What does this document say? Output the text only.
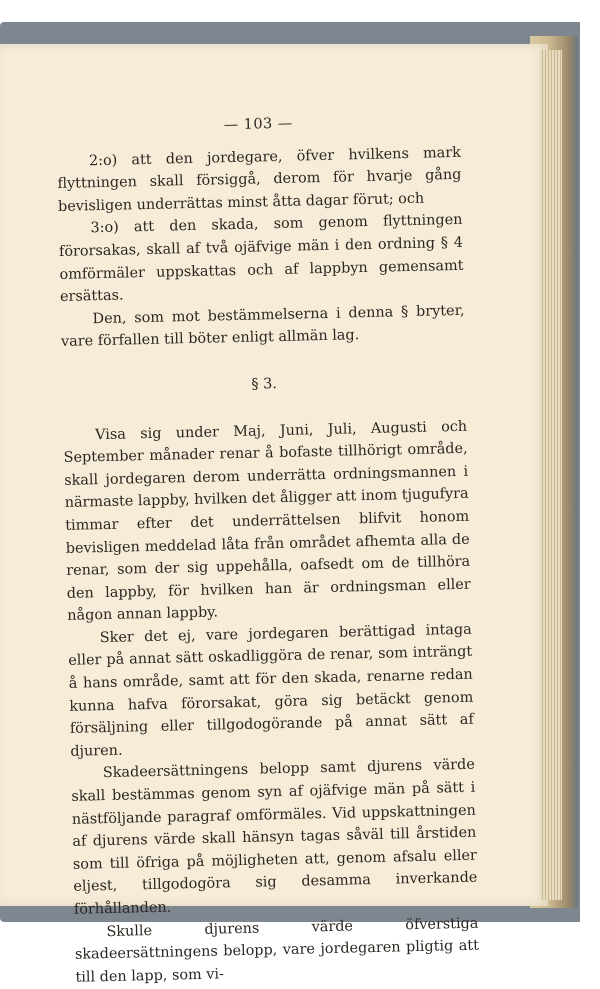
— 103 —

2:o) att den jordegare, öfver hvilkens mark flyttningen skall försiggå, derom för hvarje gång bevisligen underrättas minst åtta dagar förut; och

3:o) att den skada, som genom flyttningen förorsakas, skall af två ojäfvige män i den ordning § 4 omförmäler uppskattas och af lappbyn gemensamt ersättas.

Den, som mot bestämmelserna i denna § bryter, vare förfallen till böter enligt allmän lag.

§ 3.

Visa sig under Maj, Juni, Juli, Augusti och September månader renar å bofaste tillhörigt område, skall jordegaren derom underrätta ordningsmannen i närmaste lappby, hvilken det åligger att inom tjugufyra timmar efter det underrättelsen blifvit honom bevisligen meddelad låta från området afhemta alla de renar, som der sig uppehålla, oafsedt om de tillhöra den lappby, för hvilken han är ordningsman eller någon annan lappby.

Sker det ej, vare jordegaren berättigad intaga eller på annat sätt oskadliggöra de renar, som inträngt å hans område, samt att för den skada, renarne redan kunna hafva förorsakat, göra sig betäckt genom försäljning eller tillgodogörande på annat sätt af djuren.

Skadeersättningens belopp samt djurens värde skall bestämmas genom syn af ojäfvige män på sätt i nästföljande paragraf omförmäles. Vid uppskattningen af djurens värde skall hänsyn tagas såväl till årstiden som till öfriga på möjligheten att, genom afsalu eller eljest, tillgodogöra sig desamma inverkande förhållanden.

Skulle djurens värde öfverstiga skadeersättningens belopp, vare jordegaren pligtig att till den lapp, som vi-
